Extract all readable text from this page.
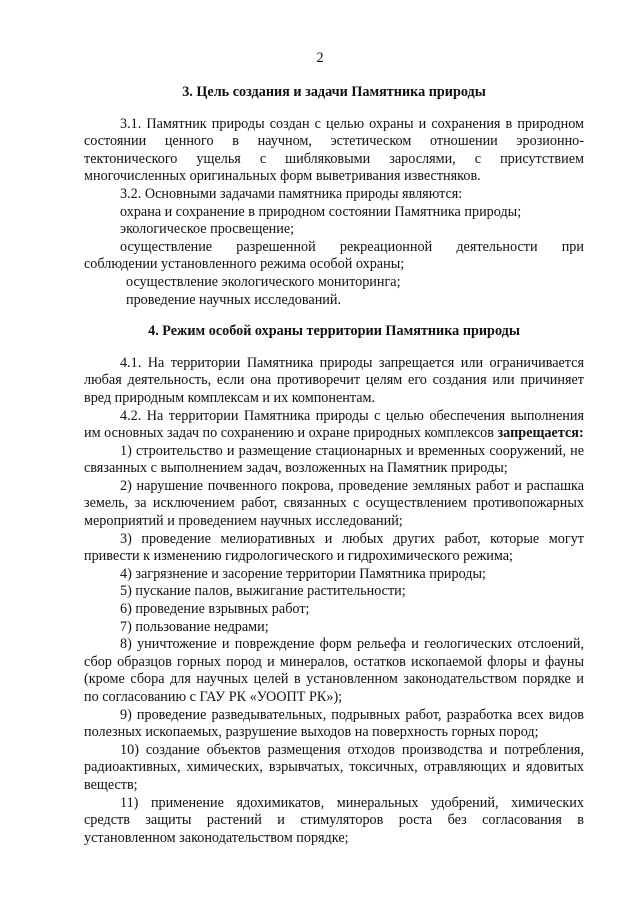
2

3. Цель создания и задачи Памятника природы

3.1. Памятник природы создан с целью охраны и сохранения в природном состоянии ценного в научном, эстетическом отношении эрозионно-тектонического ущелья с шибляковыми зарослями, с присутствием многочисленных оригинальных форм выветривания известняков.

3.2. Основными задачами памятника природы являются:

охрана и сохранение в природном состоянии Памятника природы;

экологическое просвещение;

осуществление разрешенной рекреационной деятельности при

соблюдении установленного режима особой охраны;

осуществление экологического мониторинга;

проведение научных исследований.

4. Режим особой охраны территории Памятника природы

4.1. На территории Памятника природы запрещается или ограничивается любая деятельность, если она противоречит целям его создания или причиняет вред природным комплексам и их компонентам.

4.2. На территории Памятника природы с целью обеспечения выполнения им основных задач по сохранению и охране природных комплексов запрещается:

1) строительство и размещение стационарных и временных сооружений, не связанных с выполнением задач, возложенных на Памятник природы;

2) нарушение почвенного покрова, проведение земляных работ и распашка земель, за исключением работ, связанных с осуществлением противопожарных мероприятий и проведением научных исследований;

3) проведение мелиоративных и любых других работ, которые могут привести к изменению гидрологического и гидрохимического режима;

4) загрязнение и засорение территории Памятника природы;

5) пускание палов, выжигание растительности;

6) проведение взрывных работ;

7) пользование недрами;

8) уничтожение и повреждение форм рельефа и геологических отслоений, сбор образцов горных пород и минералов, остатков ископаемой флоры и фауны (кроме сбора для научных целей в установленном законодательством порядке и по согласованию с ГАУ РК «УООПТ РК»);

9) проведение разведывательных, подрывных работ, разработка всех видов полезных ископаемых, разрушение выходов на поверхность горных пород;

10) создание объектов размещения отходов производства и потребления, радиоактивных, химических, взрывчатых, токсичных, отравляющих и ядовитых веществ;

11) применение ядохимикатов, минеральных удобрений, химических средств защиты растений и стимуляторов роста без согласования в установленном законодательством порядке;
